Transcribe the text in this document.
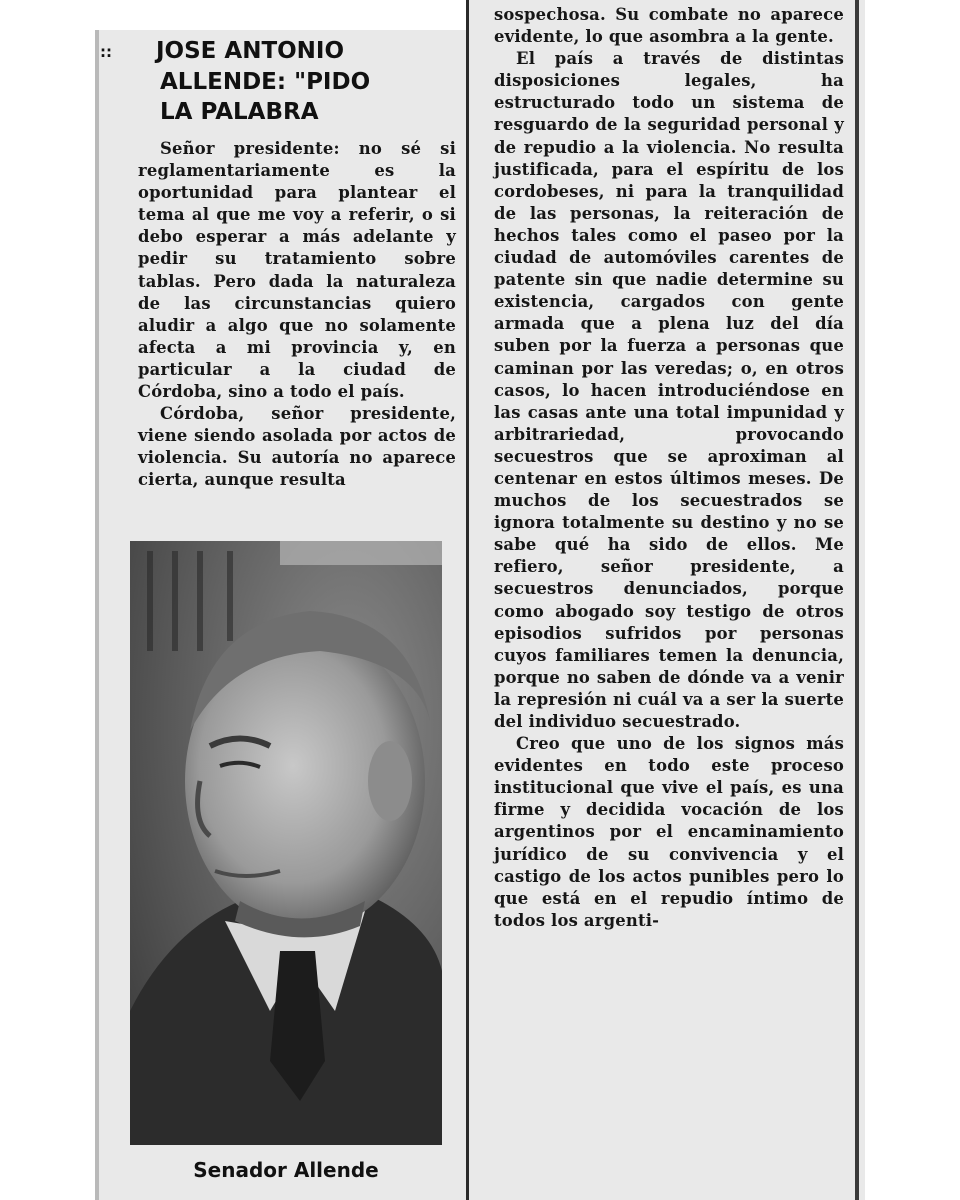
:: JOSE ANTONIO
ALLENDE: "PIDO
LA PALABRA

Señor presidente: no sé si reglamentariamente es la oportunidad para plantear el tema al que me voy a referir, o si debo esperar a más adelante y pedir su tratamiento sobre tablas. Pero dada la naturaleza de las circunstancias quiero aludir a algo que no solamente afecta a mi provincia y, en particular a la ciudad de Córdoba, sino a todo el país.

Córdoba, señor presidente, viene siendo asolada por actos de violencia. Su autoría no aparece cierta, aunque resulta

Senador Allende

sospechosa. Su combate no aparece evidente, lo que asombra a la gente.

El país a través de distintas disposiciones legales, ha estructurado todo un sistema de resguardo de la seguridad personal y de repudio a la violencia. No resulta justificada, para el espíritu de los cordobeses, ni para la tranquilidad de las personas, la reiteración de hechos tales como el paseo por la ciudad de automóviles carentes de patente sin que nadie determine su existencia, cargados con gente armada que a plena luz del día suben por la fuerza a personas que caminan por las veredas; o, en otros casos, lo hacen introduciéndose en las casas ante una total impunidad y arbitrariedad, provocando secuestros que se aproximan al centenar en estos últimos meses. De muchos de los secuestrados se ignora totalmente su destino y no se sabe qué ha sido de ellos. Me refiero, señor presidente, a secuestros denunciados, porque como abogado soy testigo de otros episodios sufridos por personas cuyos familiares temen la denuncia, porque no saben de dónde va a venir la represión ni cuál va a ser la suerte del individuo secuestrado.

Creo que uno de los signos más evidentes en todo este proceso institucional que vive el país, es una firme y decidida vocación de los argentinos por el encaminamiento jurídico de su convivencia y el castigo de los actos punibles pero lo que está en el repudio íntimo de todos los argenti-
